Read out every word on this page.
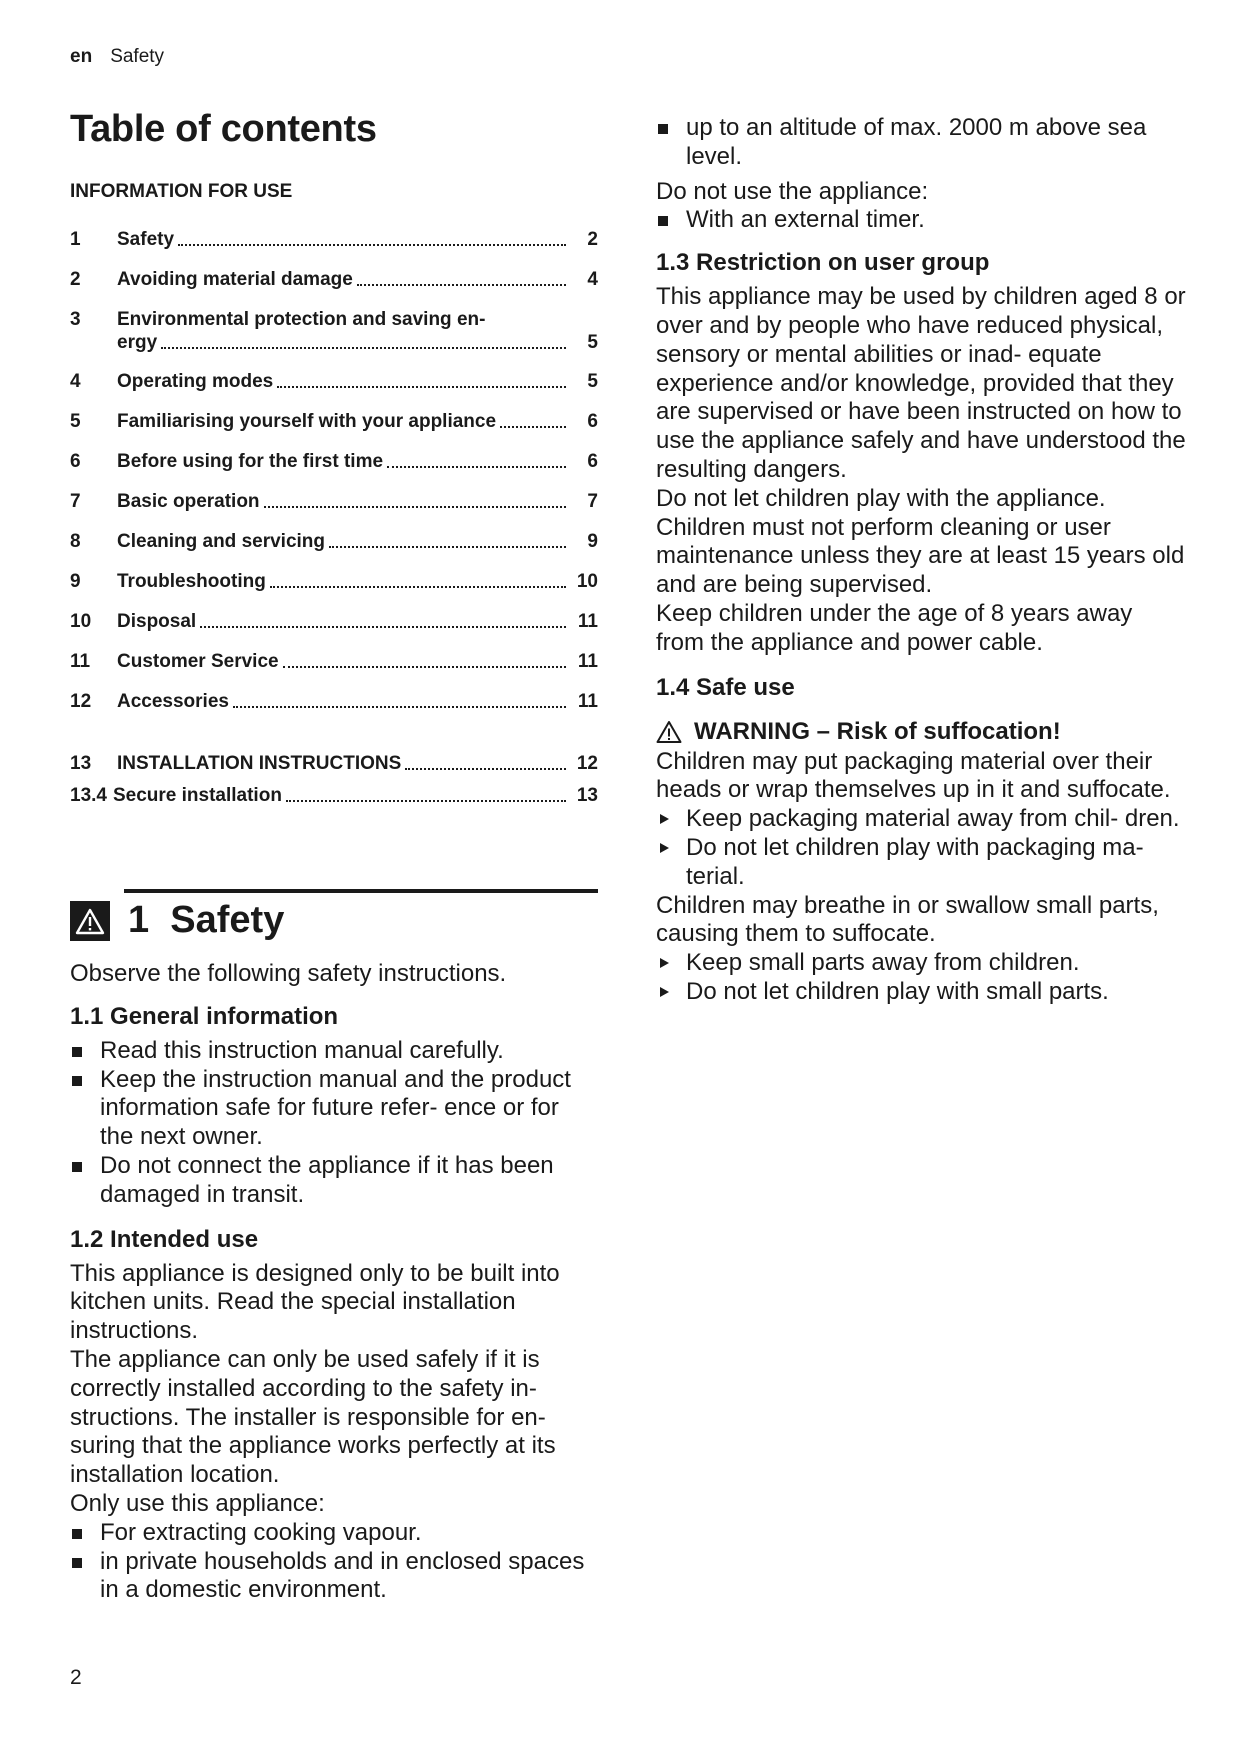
en Safety
Table of contents
INFORMATION FOR USE
1	Safety	2
2	Avoiding material damage	4
3	Environmental protection and saving en-
ergy	5
4	Operating modes	5
5	Familiarising yourself with your appliance	6
6	Before using for the first time	6
7	Basic operation	7
8	Cleaning and servicing	9
9	Troubleshooting	10
10	Disposal	11
11	Customer Service	11
12	Accessories	11
13	INSTALLATION INSTRUCTIONS	12
13.4 Secure installation	13
1 Safety
Observe the following safety instructions.
1.1 General information
Read this instruction manual carefully.
Keep the instruction manual and the product information safe for future refer- ence or for the next owner.
Do not connect the appliance if it has been damaged in transit.
1.2 Intended use
This appliance is designed only to be built into kitchen units. Read the special installation instructions.
The appliance can only be used safely if it is correctly installed according to the safety in- structions. The installer is responsible for en- suring that the appliance works perfectly at its installation location.
Only use this appliance:
For extracting cooking vapour.
in private households and in enclosed spaces in a domestic environment.
up to an altitude of max. 2000 m above sea level.
Do not use the appliance:
With an external timer.
1.3 Restriction on user group
This appliance may be used by children aged 8 or over and by people who have reduced physical, sensory or mental abilities or inad- equate experience and/or knowledge, provided that they are supervised or have been instructed on how to use the appliance safely and have understood the resulting dangers.
Do not let children play with the appliance.
Children must not perform cleaning or user maintenance unless they are at least 15 years old and are being supervised.
Keep children under the age of 8 years away from the appliance and power cable.
1.4 Safe use
WARNING – Risk of suffocation!
Children may put packaging material over their heads or wrap themselves up in it and suffocate.
Keep packaging material away from chil- dren.
Do not let children play with packaging ma- terial.
Children may breathe in or swallow small parts, causing them to suffocate.
Keep small parts away from children.
Do not let children play with small parts.
2
